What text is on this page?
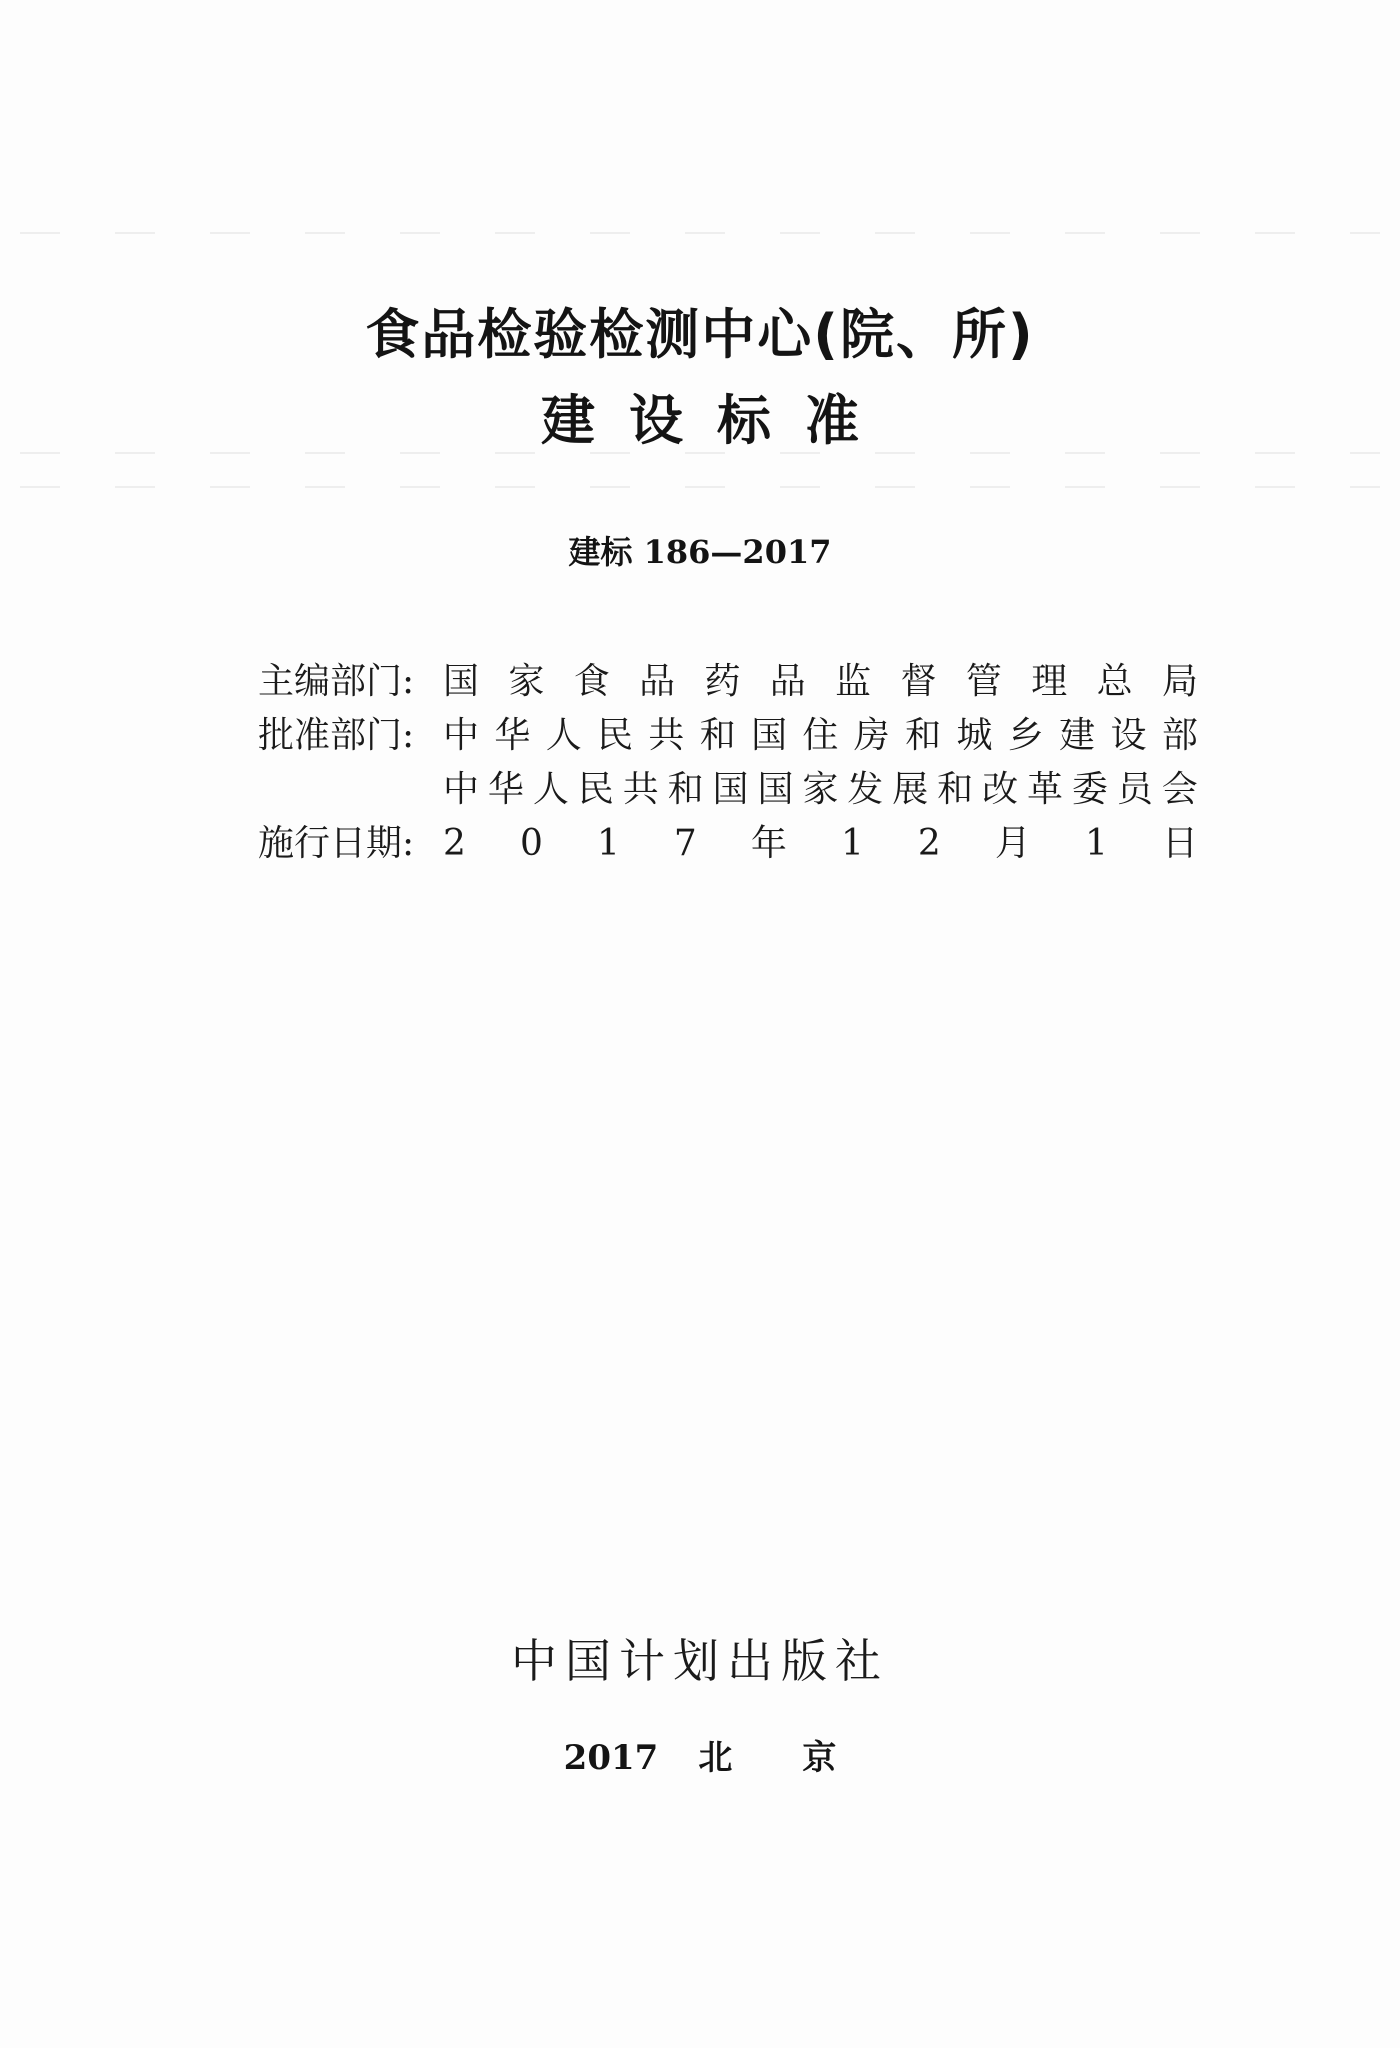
食品检验检测中心(院、所)
建设标准
建标 186—2017
主编部门: 国 家 食 品 药 品 监 督 管 理 总 局
批准部门: 中 华 人 民 共 和 国 住 房 和 城 乡 建 设 部
中 华 人 民 共 和 国 国 家 发 展 和 改 革 委 员 会
施行日期: 2 0 1 7 年 1 2 月 1 日
中国计划出版社
2017 北 京
